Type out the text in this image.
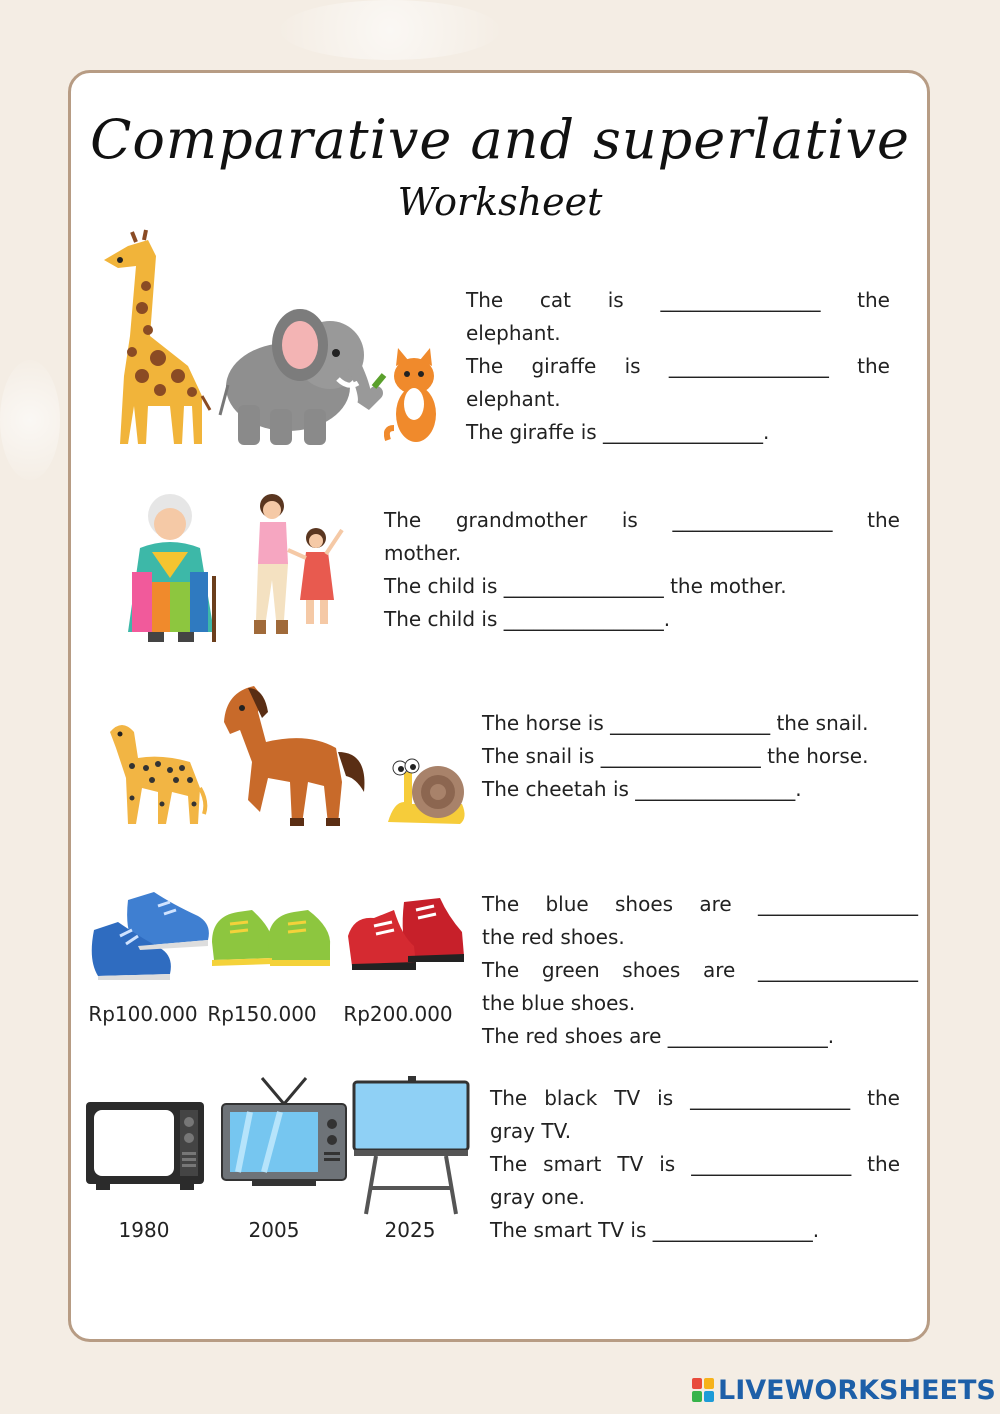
Comparative and superlative
Worksheet
The cat is ________________ the
elephant.
The giraffe is ________________ the
elephant.
The giraffe is ________________.
The grandmother is ________________ the
mother.
The child is ________________ the mother.
The child is ________________.
The horse is ________________ the snail.
The snail is ________________ the horse.
The cheetah is ________________.
Rp100.000 Rp150.000 Rp200.000
The blue shoes are ________________
the red shoes.
The green shoes are ________________
the blue shoes.
The red shoes are ________________.
1980	2005	2025
The black TV is ________________ the
gray TV.
The smart TV is ________________ the
gray one.
The smart TV is ________________.
LIVEWORKSHEETS
